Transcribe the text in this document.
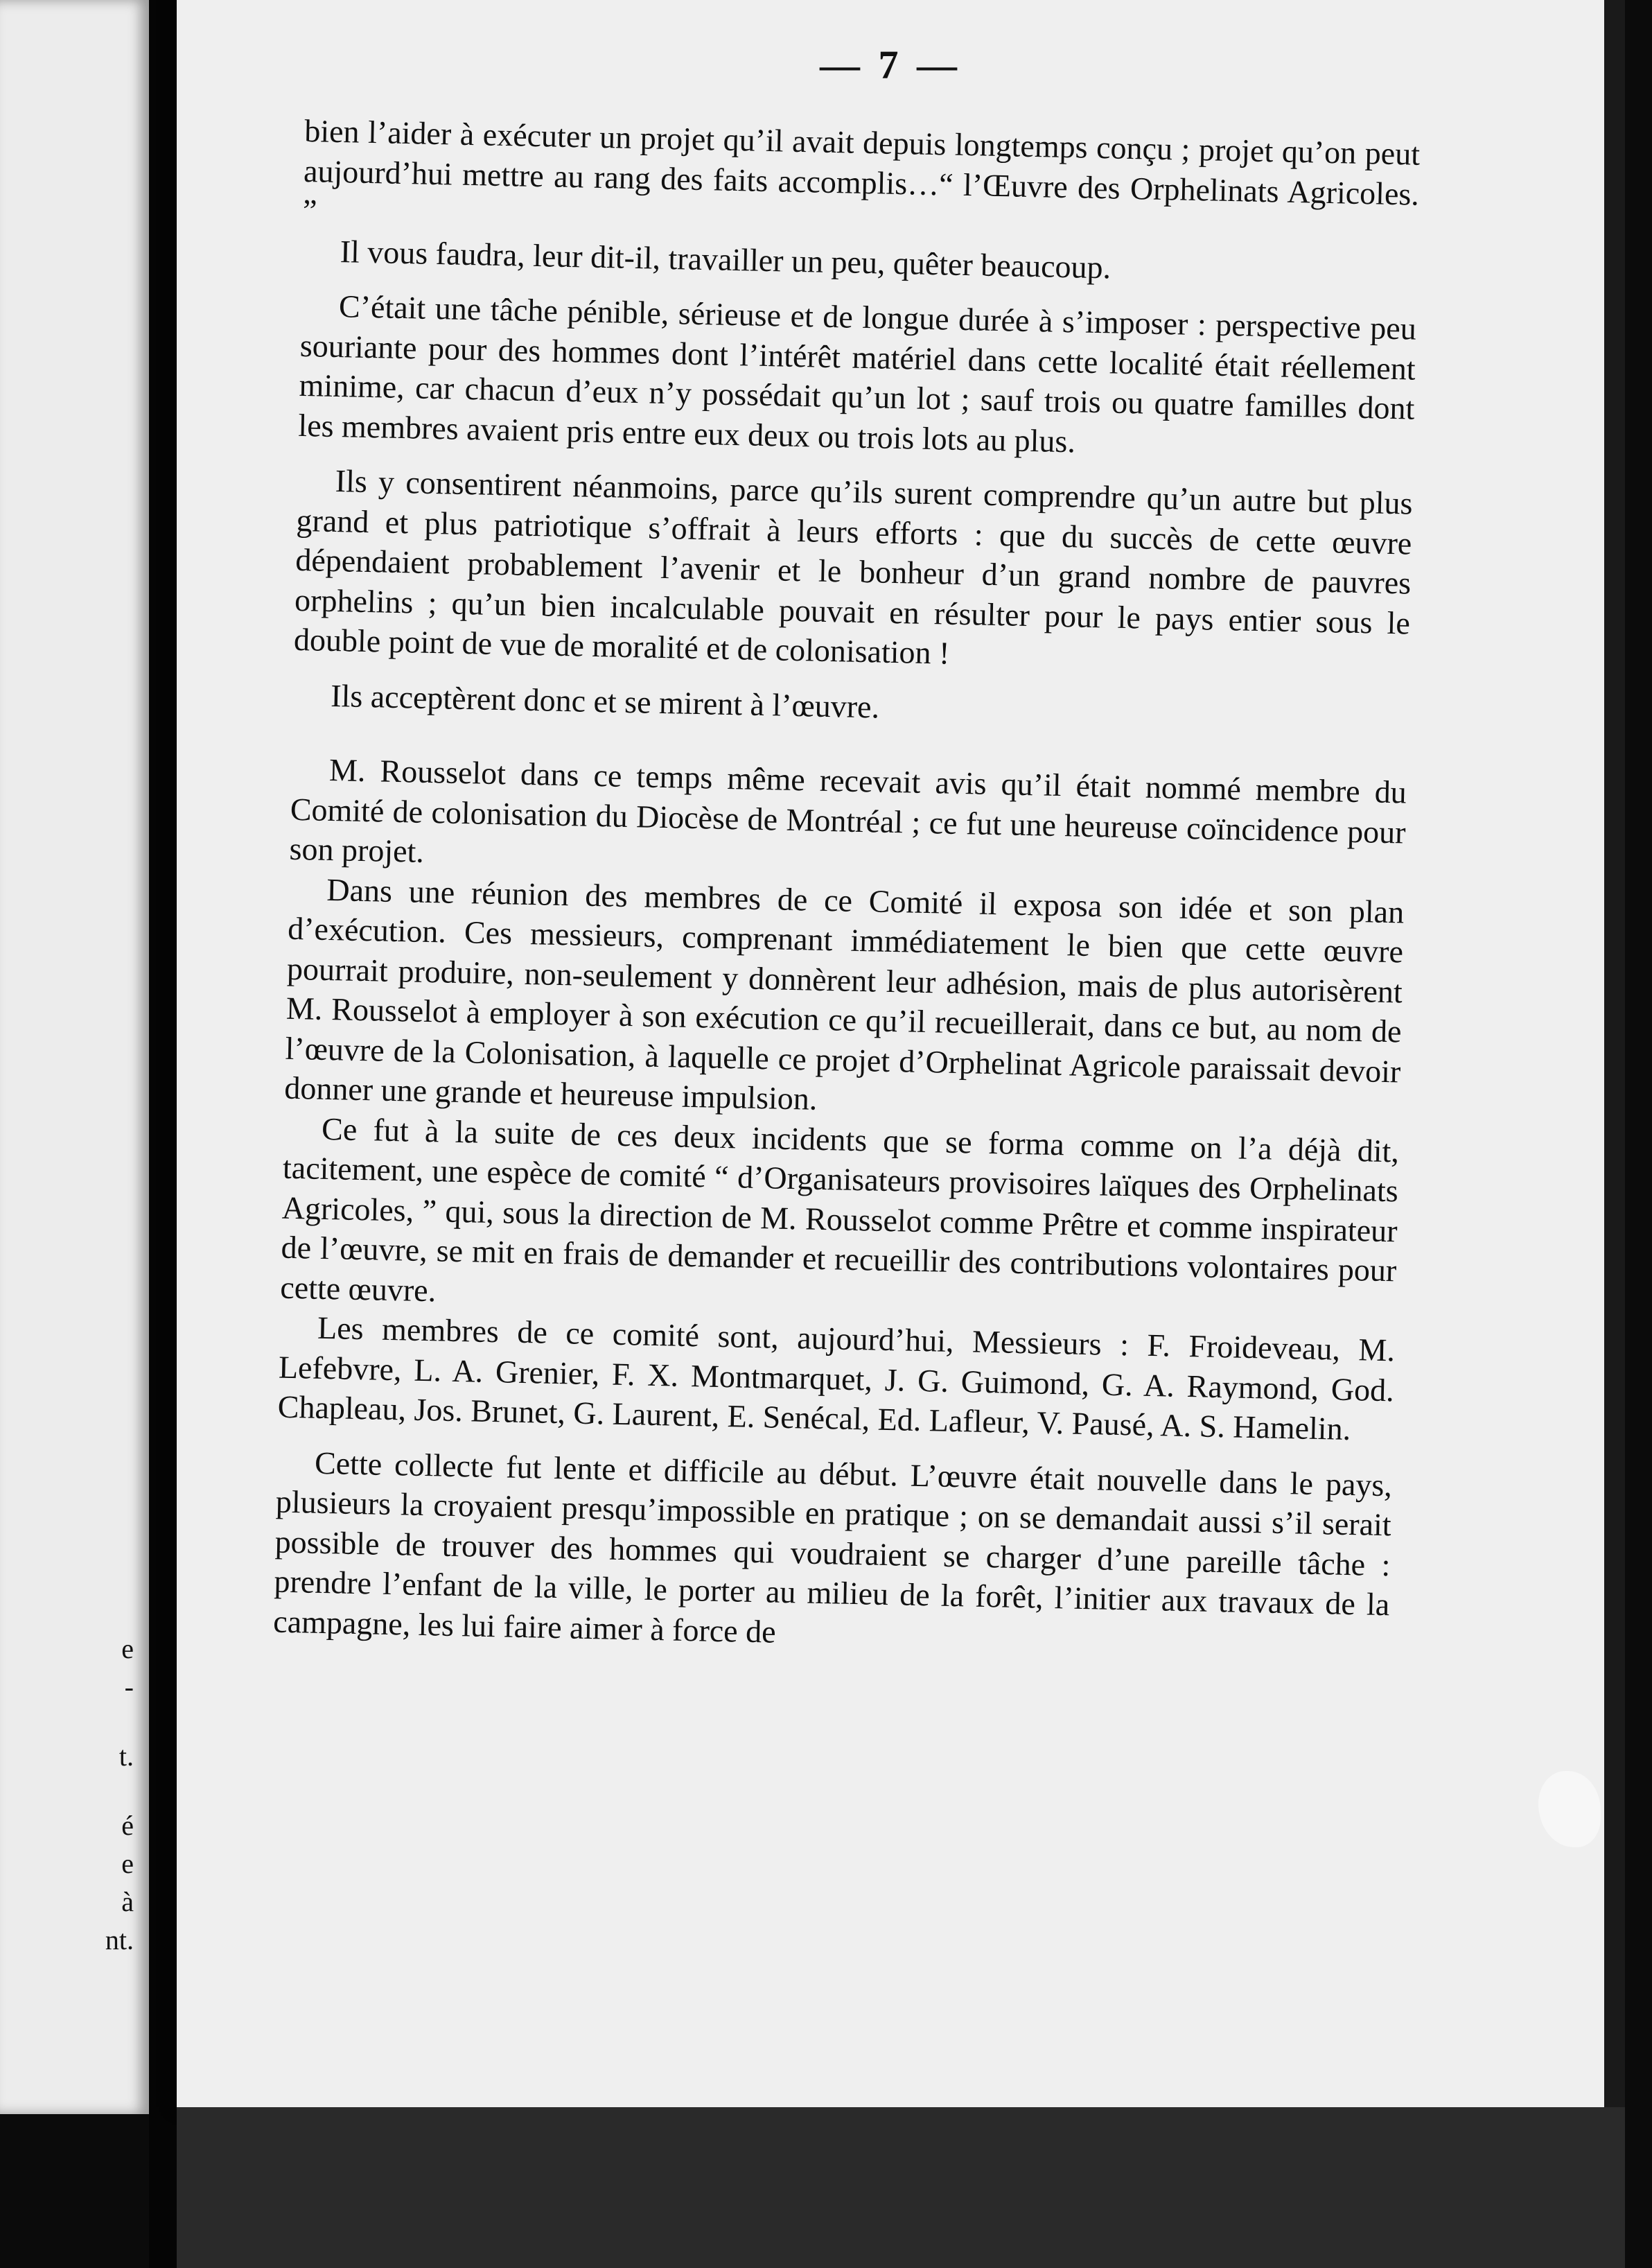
e
-
t.
é
e
à
nt.
— 7 —

bien l’aider à exécuter un projet qu’il avait depuis longtemps conçu ; projet qu’on peut aujourd’hui mettre au rang des faits accomplis…“ l’Œuvre des Orphelinats Agricoles. ”

Il vous faudra, leur dit-il, travailler un peu, quêter beaucoup.

C’était une tâche pénible, sérieuse et de longue durée à s’imposer : perspective peu souriante pour des hommes dont l’intérêt matériel dans cette localité était réellement minime, car chacun d’eux n’y possédait qu’un lot ; sauf trois ou quatre familles dont les membres avaient pris entre eux deux ou trois lots au plus.

Ils y consentirent néanmoins, parce qu’ils surent comprendre qu’un autre but plus grand et plus patriotique s’offrait à leurs efforts : que du succès de cette œuvre dépendaient probablement l’avenir et le bonheur d’un grand nombre de pauvres orphelins ; qu’un bien incalculable pouvait en résulter pour le pays entier sous le double point de vue de moralité et de colonisation !

Ils acceptèrent donc et se mirent à l’œuvre.

M. Rousselot dans ce temps même recevait avis qu’il était nommé membre du Comité de colonisation du Diocèse de Montréal ; ce fut une heureuse coïncidence pour son projet.

Dans une réunion des membres de ce Comité il exposa son idée et son plan d’exécution. Ces messieurs, comprenant immédiatement le bien que cette œuvre pourrait produire, non-seulement y donnèrent leur adhésion, mais de plus autorisèrent M. Rousselot à employer à son exécution ce qu’il recueillerait, dans ce but, au nom de l’œuvre de la Colonisation, à laquelle ce projet d’Orphelinat Agricole paraissait devoir donner une grande et heureuse impulsion.

Ce fut à la suite de ces deux incidents que se forma comme on l’a déjà dit, tacitement, une espèce de comité “ d’Organisateurs provisoires laïques des Orphelinats Agricoles, ” qui, sous la direction de M. Rousselot comme Prêtre et comme inspirateur de l’œuvre, se mit en frais de demander et recueillir des contributions volontaires pour cette œuvre.

Les membres de ce comité sont, aujourd’hui, Messieurs : F. Froideveau, M. Lefebvre, L. A. Grenier, F. X. Montmarquet, J. G. Guimond, G. A. Raymond, God. Chapleau, Jos. Brunet, G. Laurent, E. Senécal, Ed. Lafleur, V. Pausé, A. S. Hamelin.

Cette collecte fut lente et difficile au début. L’œuvre était nouvelle dans le pays, plusieurs la croyaient presqu’impossible en pratique ; on se demandait aussi s’il serait possible de trouver des hommes qui voudraient se charger d’une pareille tâche : prendre l’enfant de la ville, le porter au milieu de la forêt, l’initier aux travaux de la campagne, les lui faire aimer à force de
